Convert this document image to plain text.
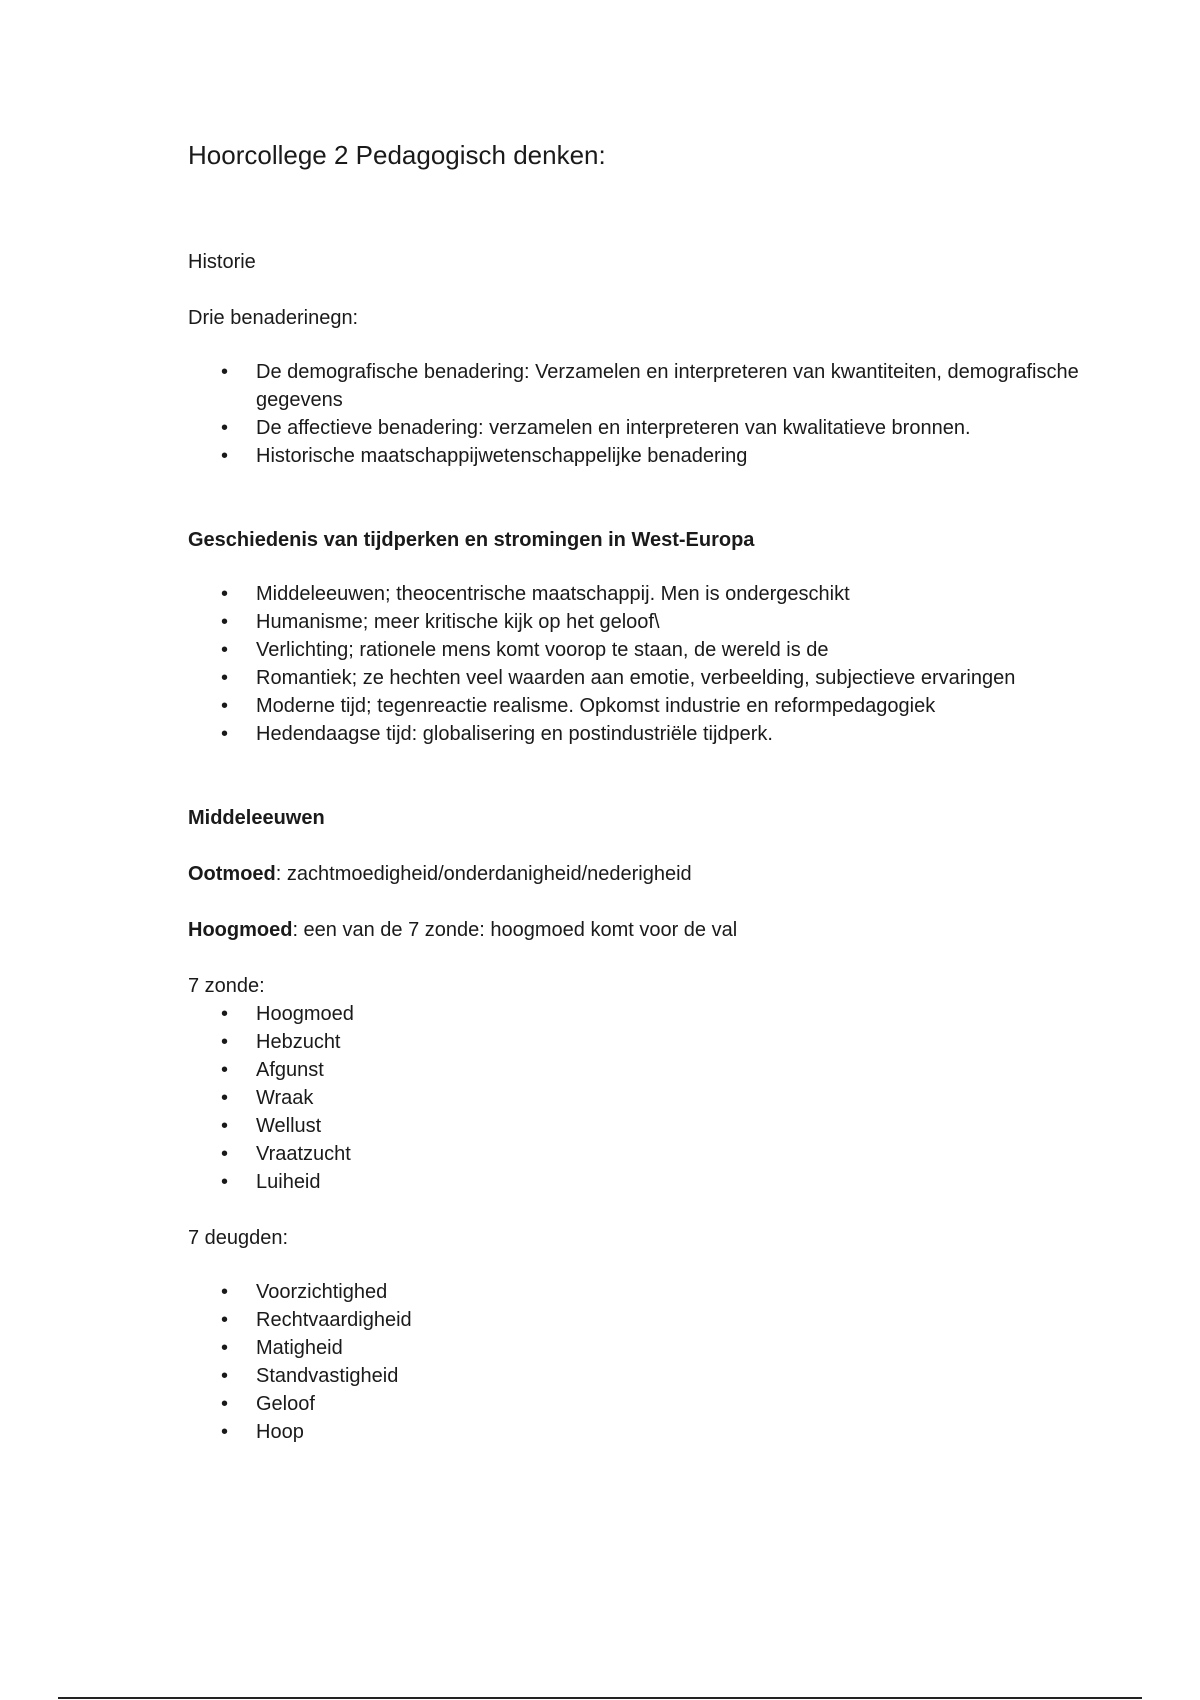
Hoorcollege 2 Pedagogisch denken:

Historie

Drie benaderinegn:

• De demografische benadering: Verzamelen en interpreteren van kwantiteiten, demografische gegevens
• De affectieve benadering: verzamelen en interpreteren van kwalitatieve bronnen.
• Historische maatschappijwetenschappelijke benadering

Geschiedenis van tijdperken en stromingen in West-Europa

• Middeleeuwen; theocentrische maatschappij. Men is ondergeschikt
• Humanisme; meer kritische kijk op het geloof\
• Verlichting; rationele mens komt voorop te staan, de wereld is de
• Romantiek; ze hechten veel waarden aan emotie, verbeelding, subjectieve ervaringen
• Moderne tijd; tegenreactie realisme. Opkomst industrie en reformpedagogiek
• Hedendaagse tijd: globalisering en postindustriële tijdperk.

Middeleeuwen

Ootmoed: zachtmoedigheid/onderdanigheid/nederigheid

Hoogmoed: een van de 7 zonde: hoogmoed komt voor de val

7 zonde:

• Hoogmoed
• Hebzucht
• Afgunst
• Wraak
• Wellust
• Vraatzucht
• Luiheid

7 deugden:

• Voorzichtighed
• Rechtvaardigheid
• Matigheid
• Standvastigheid
• Geloof
• Hoop
